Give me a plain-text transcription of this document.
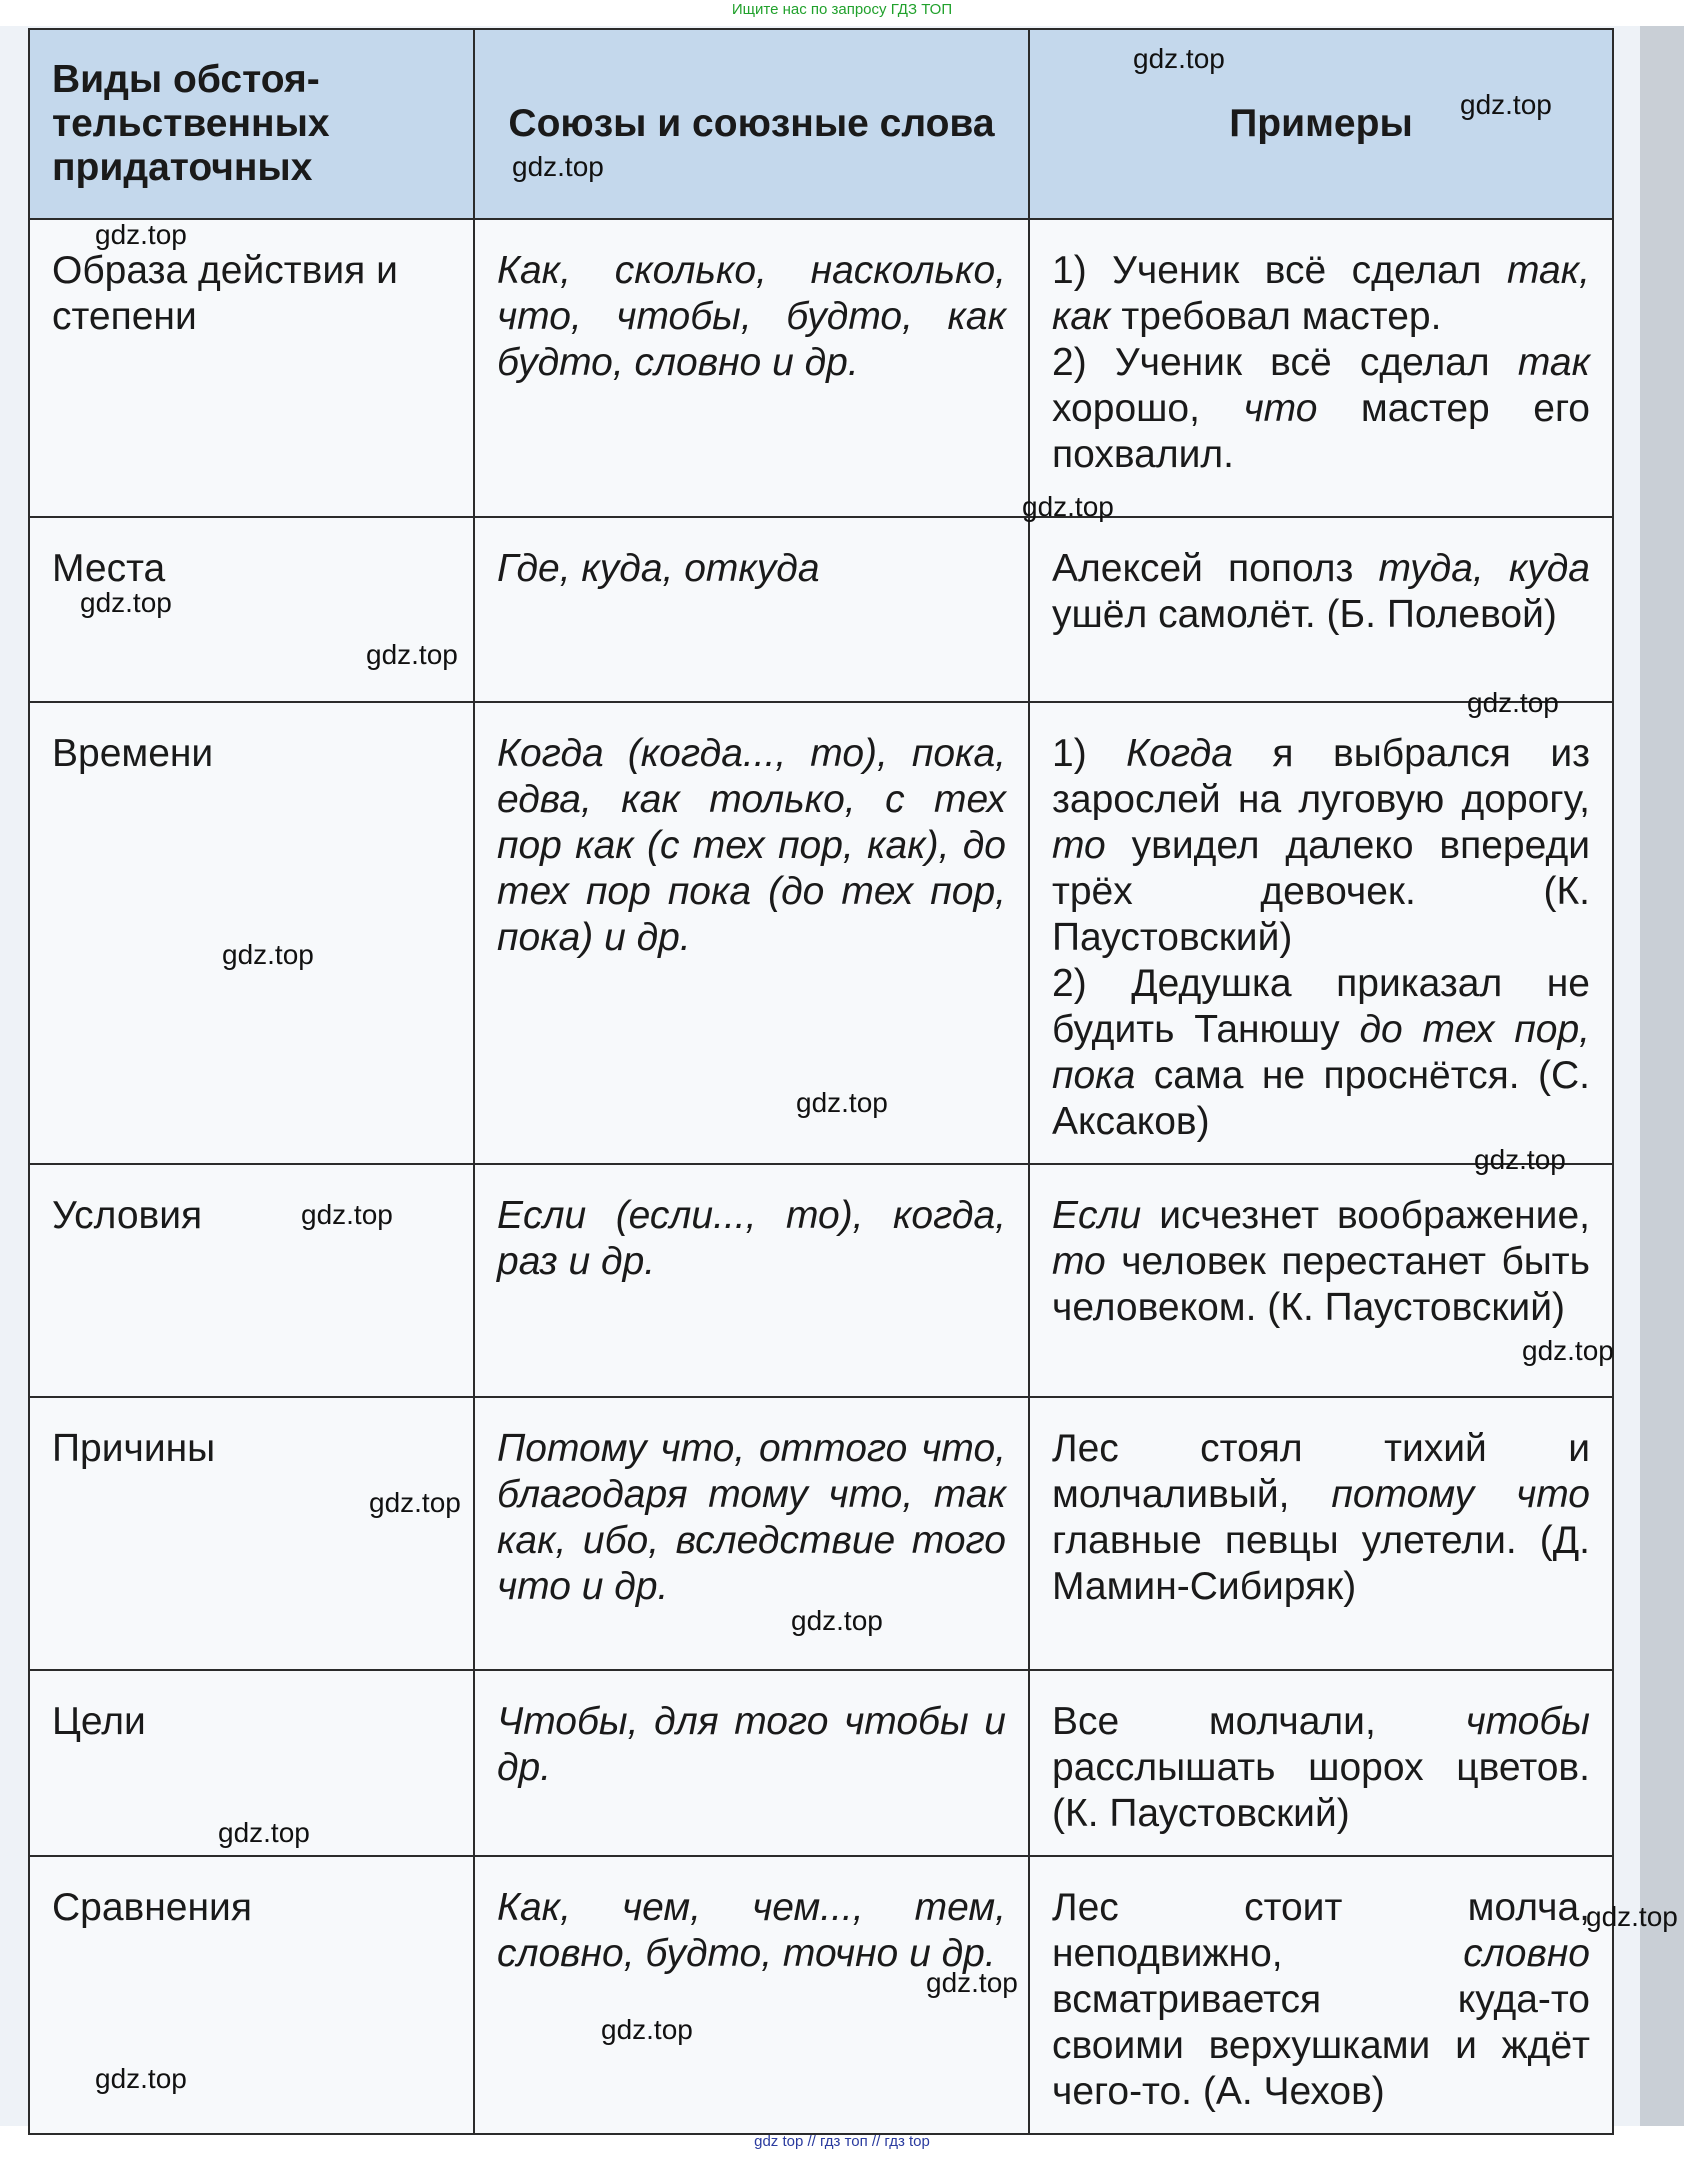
Ищите нас по запросу ГДЗ ТОП
Виды обстоя-тельственных придаточных	Союзы и союзные слова	Примеры
Образа действия и степени	Как, сколько, насколько, что, чтобы, будто, как будто, словно и др.	1) Ученик всё сделал так, как требовал мастер.
2) Ученик всё сделал так хорошо, что мастер его похвалил.

Места	Где, куда, откуда	Алексей пополз туда, куда ушёл самолёт. (Б. Полевой)

Времени	Когда (когда..., то), пока, едва, как только, с тех пор как (с тех пор, как), до тех пор пока (до тех пор, пока) и др.	1) Когда я выбрался из зарослей на луговую дорогу, то увидел далеко впереди трёх девочек. (К. Паустовский)
2) Дедушка приказал не будить Танюшу до тех пор, пока сама не проснётся. (С. Аксаков)

Условия	Если (если..., то), когда, раз и др.	Если исчезнет воображение, то человек перестанет быть человеком. (К. Паустовский)

Причины	Потому что, оттого что, благодаря тому что, так как, ибо, вследствие того что и др.	Лес стоял тихий и молчаливый, потому что главные певцы улетели. (Д. Мамин-Сибиряк)

Цели	Чтобы, для того чтобы и др.	Все молчали, чтобы расслышать шорох цветов. (К. Паустовский)

Сравнения	Как, чем, чем..., тем, словно, будто, точно и др.	Лес стоит молча, неподвижно, словно всматривается куда-то своими верхушками и ждёт чего-то. (А. Чехов)
gdz.top
gdz.top
gdz.top
gdz.top
gdz.top
gdz.top
gdz.top
gdz.top
gdz.top
gdz.top
gdz.top
gdz.top
gdz.top
gdz.top
gdz.top
gdz.top
gdz.top
gdz.top
gdz.top
gdz.top
gdz top // гдз топ // гдз top
